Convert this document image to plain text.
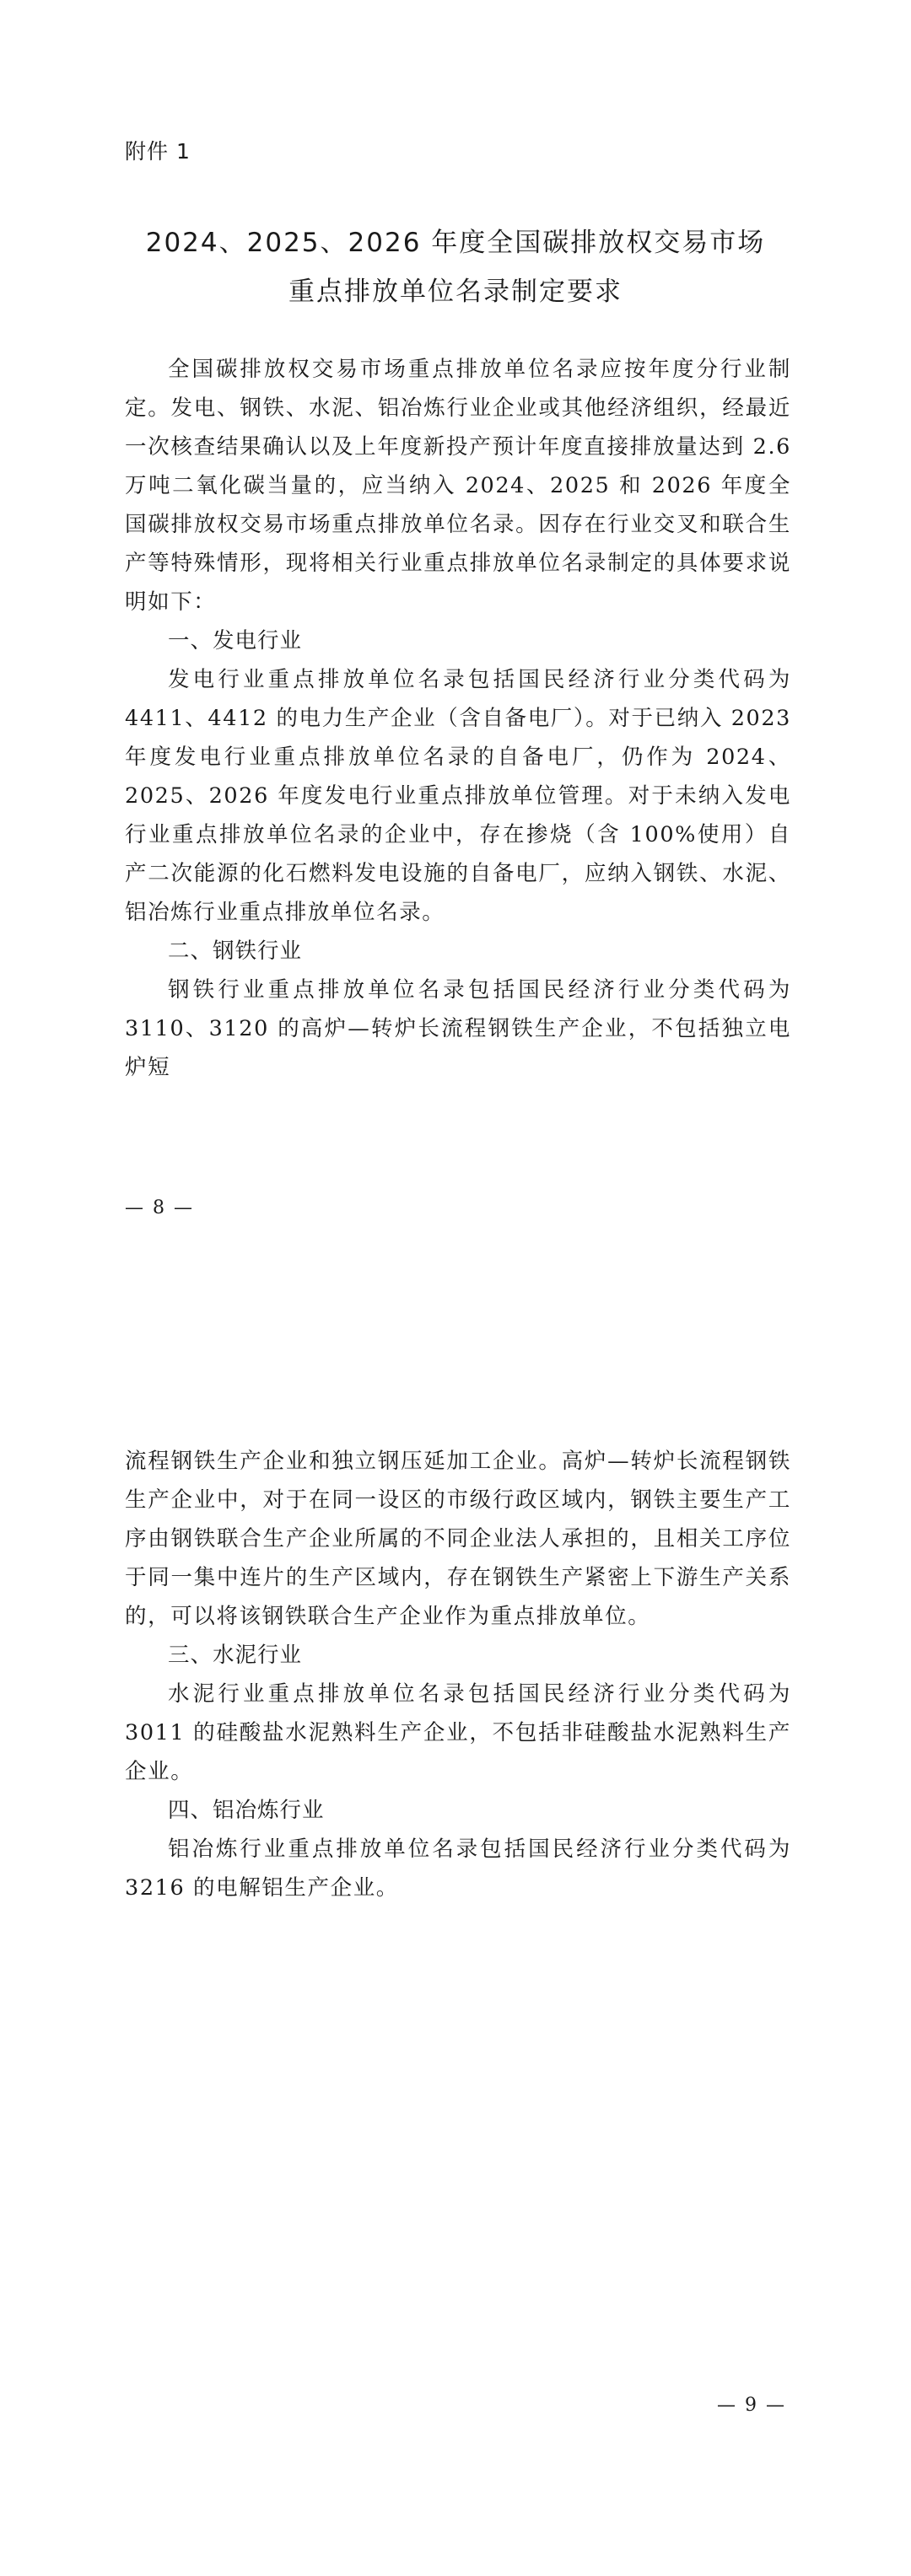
附件 1
2024、2025、2026 年度全国碳排放权交易市场
重点排放单位名录制定要求

全国碳排放权交易市场重点排放单位名录应按年度分行业制定。发电、钢铁、水泥、铝冶炼行业企业或其他经济组织，经最近一次核查结果确认以及上年度新投产预计年度直接排放量达到 2.6 万吨二氧化碳当量的，应当纳入 2024、2025 和 2026 年度全国碳排放权交易市场重点排放单位名录。因存在行业交叉和联合生产等特殊情形，现将相关行业重点排放单位名录制定的具体要求说明如下：

一、发电行业

发电行业重点排放单位名录包括国民经济行业分类代码为 4411、4412 的电力生产企业（含自备电厂）。对于已纳入 2023 年度发电行业重点排放单位名录的自备电厂，仍作为 2024、2025、2026 年度发电行业重点排放单位管理。对于未纳入发电行业重点排放单位名录的企业中，存在掺烧（含 100%使用）自产二次能源的化石燃料发电设施的自备电厂，应纳入钢铁、水泥、铝冶炼行业重点排放单位名录。

二、钢铁行业

钢铁行业重点排放单位名录包括国民经济行业分类代码为 3110、3120 的高炉—转炉长流程钢铁生产企业，不包括独立电炉短

— 8 —

流程钢铁生产企业和独立钢压延加工企业。高炉—转炉长流程钢铁生产企业中，对于在同一设区的市级行政区域内，钢铁主要生产工序由钢铁联合生产企业所属的不同企业法人承担的，且相关工序位于同一集中连片的生产区域内，存在钢铁生产紧密上下游生产关系的，可以将该钢铁联合生产企业作为重点排放单位。

三、水泥行业

水泥行业重点排放单位名录包括国民经济行业分类代码为 3011 的硅酸盐水泥熟料生产企业，不包括非硅酸盐水泥熟料生产企业。

四、铝冶炼行业

铝冶炼行业重点排放单位名录包括国民经济行业分类代码为 3216 的电解铝生产企业。

— 9 —
